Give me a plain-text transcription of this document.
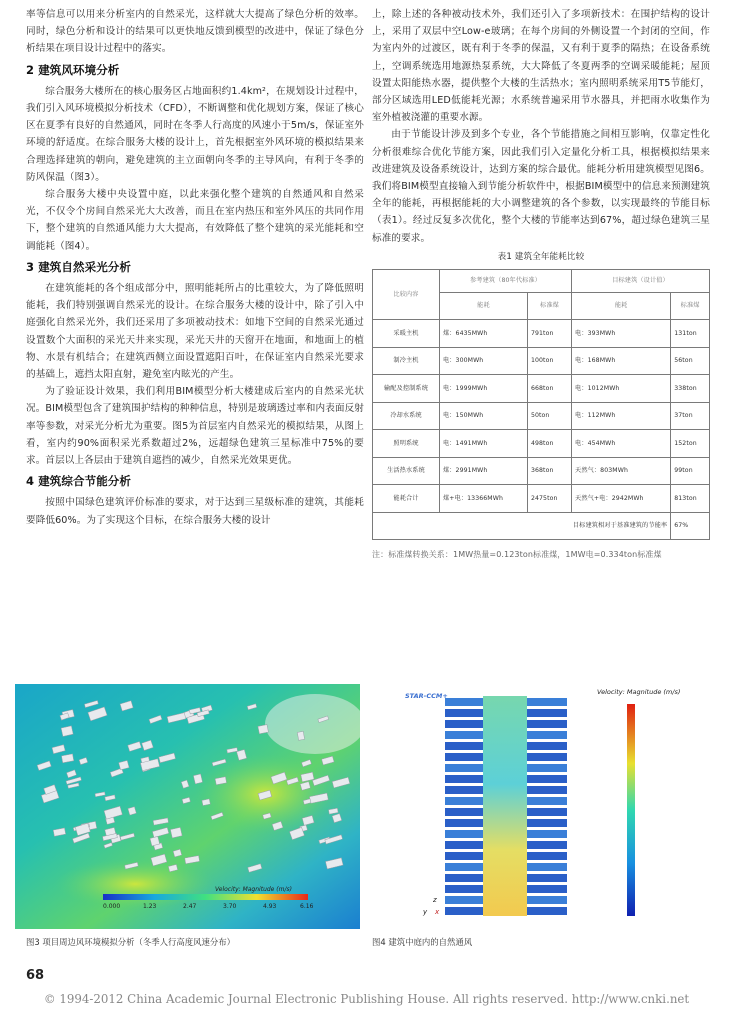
率等信息可以用来分析室内的自然采光，这样就大大提高了绿色分析的效率。同时，绿色分析和设计的结果可以更快地反馈到模型的改进中，保证了绿色分析结果在项目设计过程中的落实。

2 建筑风环境分析

综合服务大楼所在的核心服务区占地面积约1.4km²，在规划设计过程中，我们引入风环境模拟分析技术（CFD），不断调整和优化规划方案，保证了核心区在夏季有良好的自然通风，同时在冬季人行高度的风速小于5m/s，保证室外环境的舒适度。在综合服务大楼的设计上，首先根据室外风环境的模拟结果来合理选择建筑的朝向，避免建筑的主立面朝向冬季的主导风向，有利于冬季的防风保温（图3）。

综合服务大楼中央设置中庭，以此来强化整个建筑的自然通风和自然采光，不仅令个房间自然采光大大改善，而且在室内热压和室外风压的共同作用下，整个建筑的自然通风能力大大提高，有效降低了整个建筑的采光能耗和空调能耗（图4）。

3 建筑自然采光分析

在建筑能耗的各个组成部分中，照明能耗所占的比重较大，为了降低照明能耗，我们特别强调自然采光的设计。在综合服务大楼的设计中，除了引入中庭强化自然采光外，我们还采用了多项被动技术：如地下空间的自然采光通过设置数个大面积的采光天井来实现，采光天井的天窗开在地面，和地面上的植物、水景有机结合；在建筑西侧立面设置遮阳百叶，在保证室内自然采光要求的基础上，遮挡太阳直射，避免室内眩光的产生。

为了验证设计效果，我们利用BIM模型分析大楼建成后室内的自然采光状况。BIM模型包含了建筑围护结构的种种信息，特别是玻璃透过率和内表面反射率等参数，对采光分析尤为重要。图5为首层室内自然采光的模拟结果，从图上看，室内约90%面积采光系数超过2%，远超绿色建筑三星标准中75%的要求。首层以上各层由于建筑自遮挡的减少，自然采光效果更优。

4 建筑综合节能分析

按照中国绿色建筑评价标准的要求，对于达到三星级标准的建筑，其能耗要降低60%。为了实现这个目标，在综合服务大楼的设计

上，除上述的各种被动技术外，我们还引入了多项新技术：在围护结构的设计上，采用了双层中空Low-e玻璃；在每个房间的外侧设置一个封闭的空间，作为室内外的过渡区，既有利于冬季的保温，又有利于夏季的隔热；在设备系统上，空调系统选用地源热泵系统，大大降低了冬夏两季的空调采暖能耗；屋顶设置太阳能热水器，提供整个大楼的生活热水；室内照明系统采用T5节能灯，部分区域选用LED低能耗光源；水系统普遍采用节水器具，并把雨水收集作为室外植被浇灌的重要水源。

由于节能设计涉及到多个专业，各个节能措施之间相互影响，仅靠定性化分析很难综合优化节能方案，因此我们引入定量化分析工具，根据模拟结果来改进建筑及设备系统设计，达到方案的综合最优。能耗分析用建筑模型见图6。我们将BIM模型直接输入到节能分析软件中，根据BIM模型中的信息来预测建筑全年的能耗，再根据能耗的大小调整建筑的各个参数，以实现最终的节能目标（表1）。经过反复多次优化，整个大楼的节能率达到67%，超过绿色建筑三星标准的要求。

表1 建筑全年能耗比较
比较内容	参考建筑（80年代标准）		目标建筑（设计值）	
	能耗	标准煤	能耗	标准煤
采暖主机	煤：6435MWh	791ton	电：393MWh	131ton
制冷主机	电：300MWh	100ton	电：168MWh	56ton
输配及控制系统	电：1999MWh	668ton	电：1012MWh	338ton
冷却水系统	电：150MWh	50ton	电：112MWh	37ton
照明系统	电：1491MWh	498ton	电：454MWh	152ton
生活热水系统	煤：2991MWh	368ton	天然气：803MWh	99ton
能耗合计	煤+电：13366MWh	2475ton	天然气+电：2942MWh	813ton
目标建筑相对于基准建筑的节能率				67%
注：标准煤转换关系：1MW热量=0.123ton标准煤，1MW电=0.334ton标准煤
Velocity: Magnitude (m/s)
0.000	1.23	2.47	3.70	4.93	6.16
STAR-CCM+	Velocity: Magnitude (m/s)
z
y x
图3 项目周边风环境模拟分析（冬季人行高度风速分布）	图4 建筑中庭内的自然通风
68
© 1994-2012 China Academic Journal Electronic Publishing House. All rights reserved. http://www.cnki.net
